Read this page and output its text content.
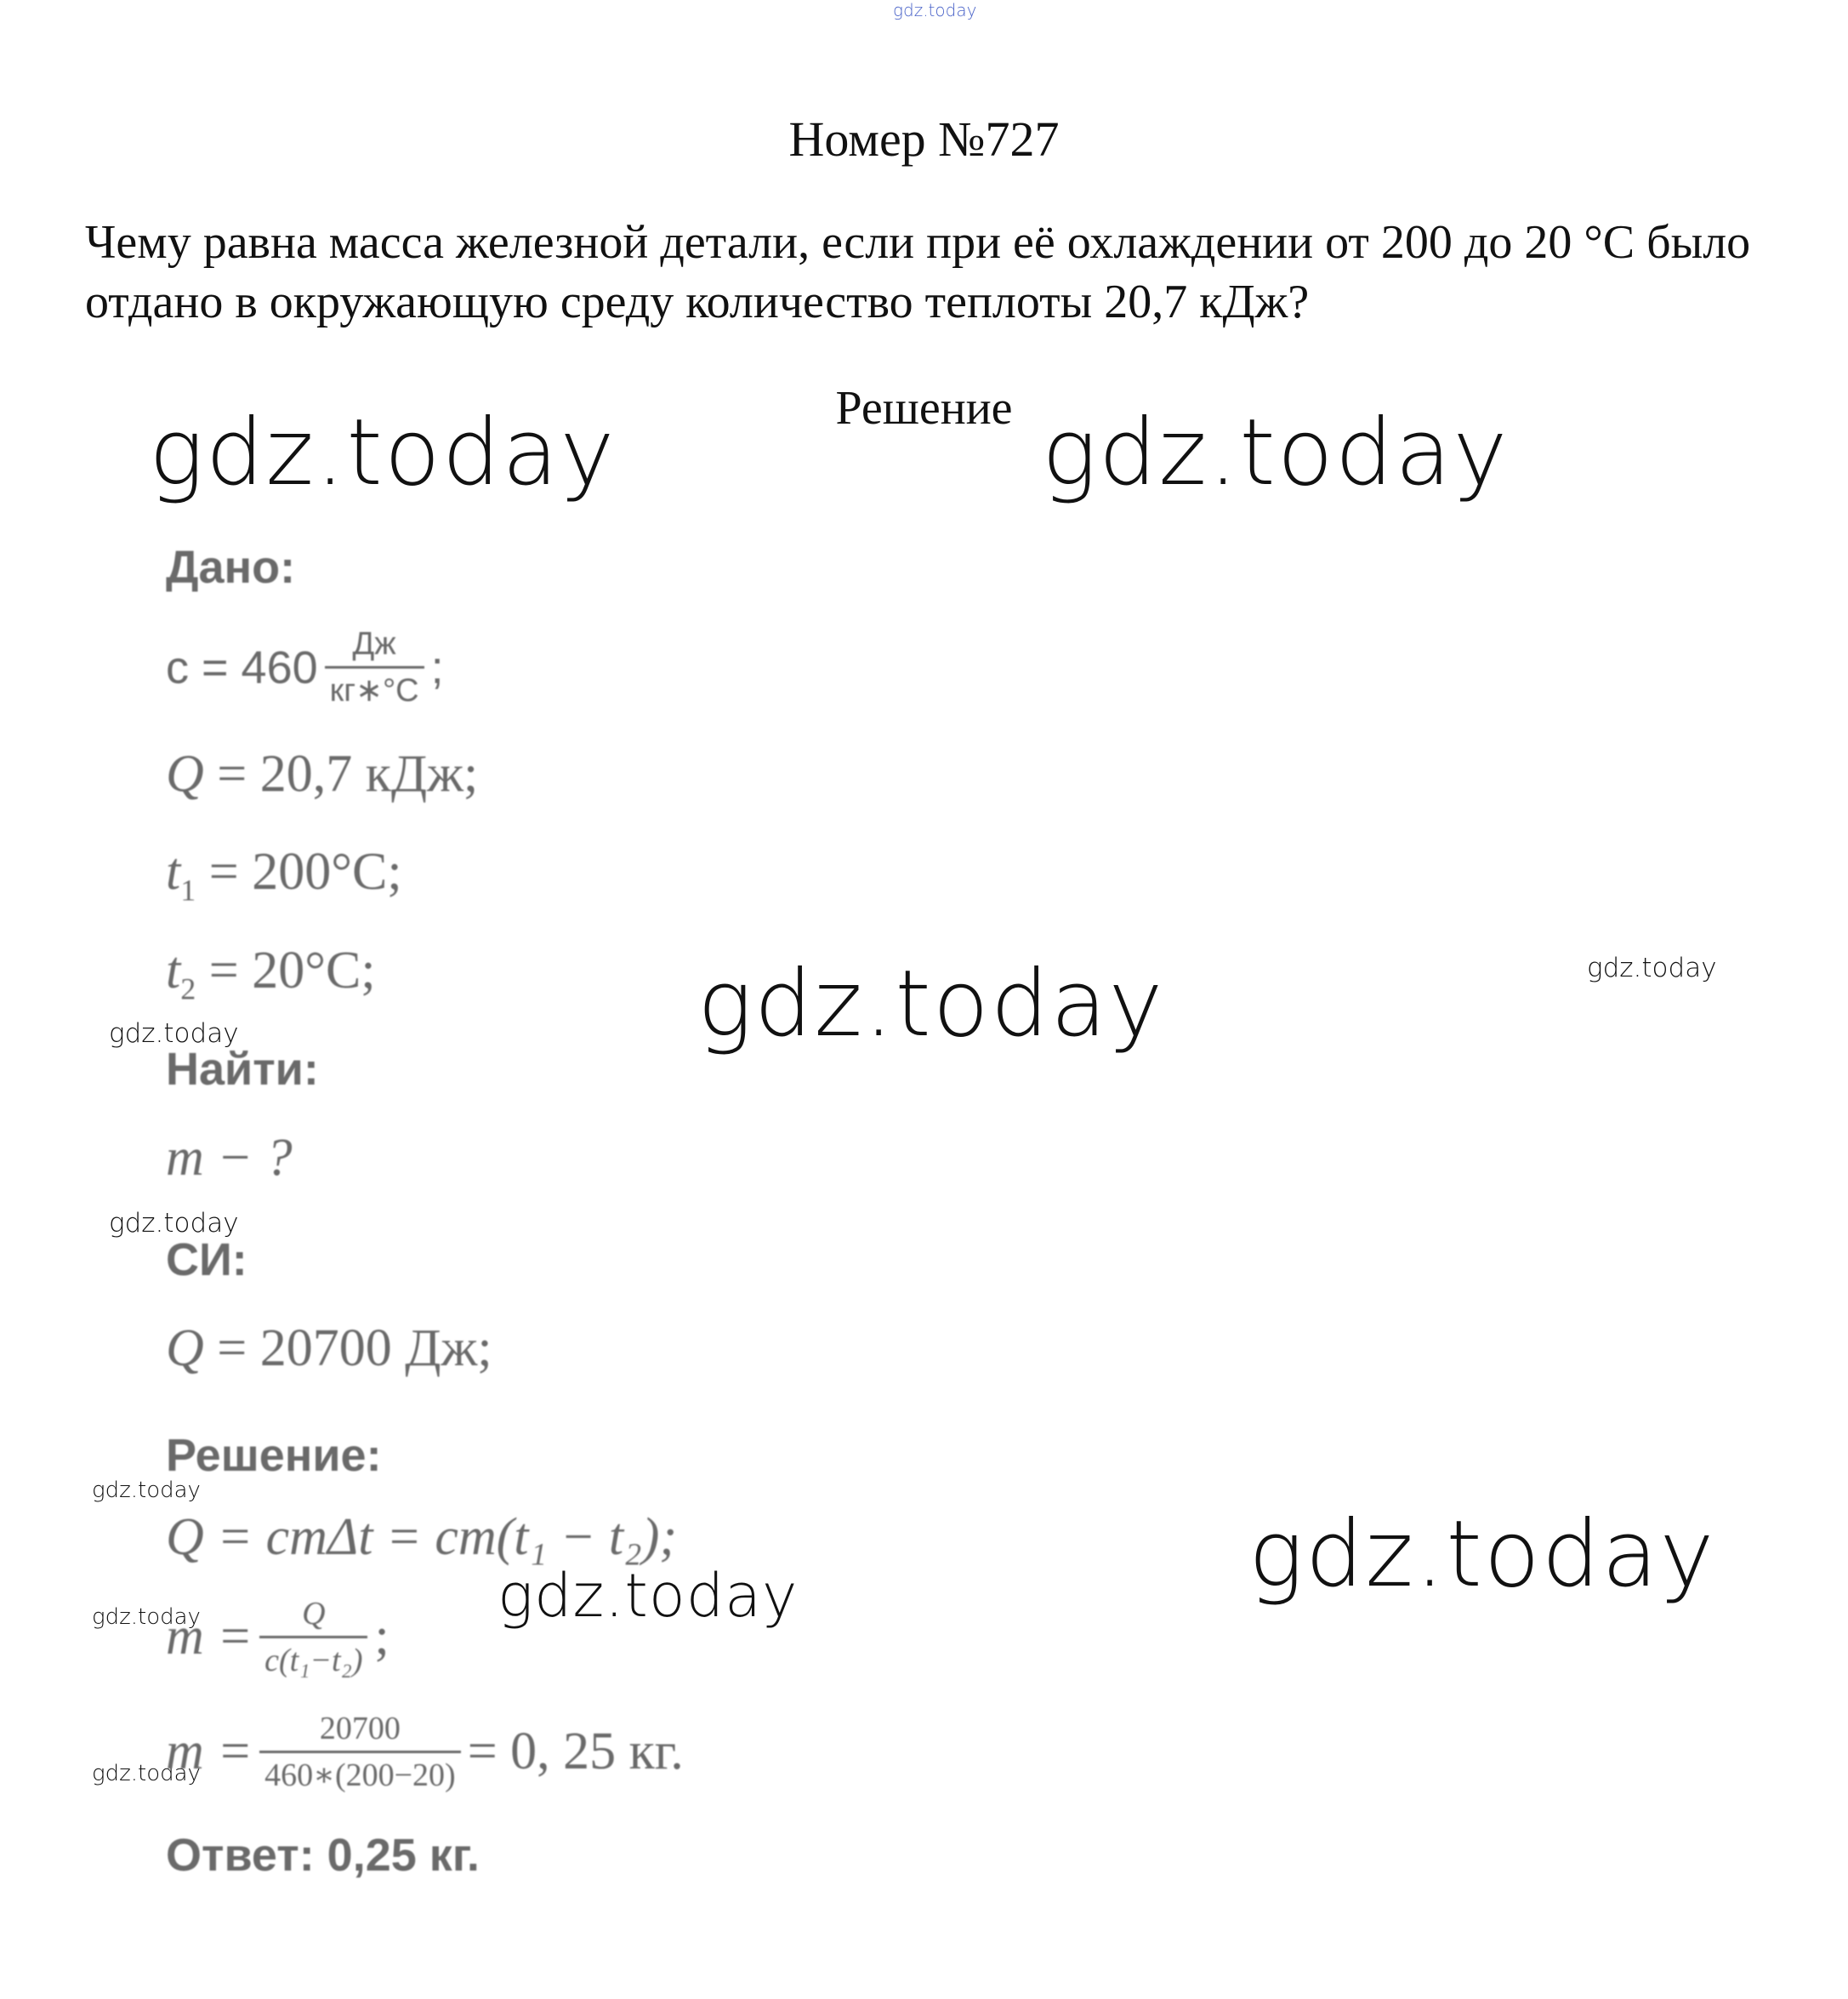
gdz.today
gdz.today	gdz.today
gdz.today
gdz.today
gdz.today
gdz.today
gdz.today
gdz.today
gdz.today
gdz.today
gdz.today
Номер №727
Чему равна масса железной детали, если при её охлаждении от 200 до 20 °C было отдано в окружающую среду количество теплоты 20,7 кДж?
Решение
Дано:
$c = 460 \frac{Дж}{кг∗^\circ C}$ ;
Q = 20,7 кДж;
$t_1 = 200^\circ C$;
$t_2 = 20^\circ C$;
Найти:
m − ?
СИ:
Q = 20700 Дж;
Решение:
Q = cmΔt = cm(t₁ − t₂);
$m = \frac{Q}{\text{c(t₁−t₂)}}$ ;
$m = \frac{20700}{460∗(200-20)} = 0$, 25 кг.
Ответ: 0,25 кг.
